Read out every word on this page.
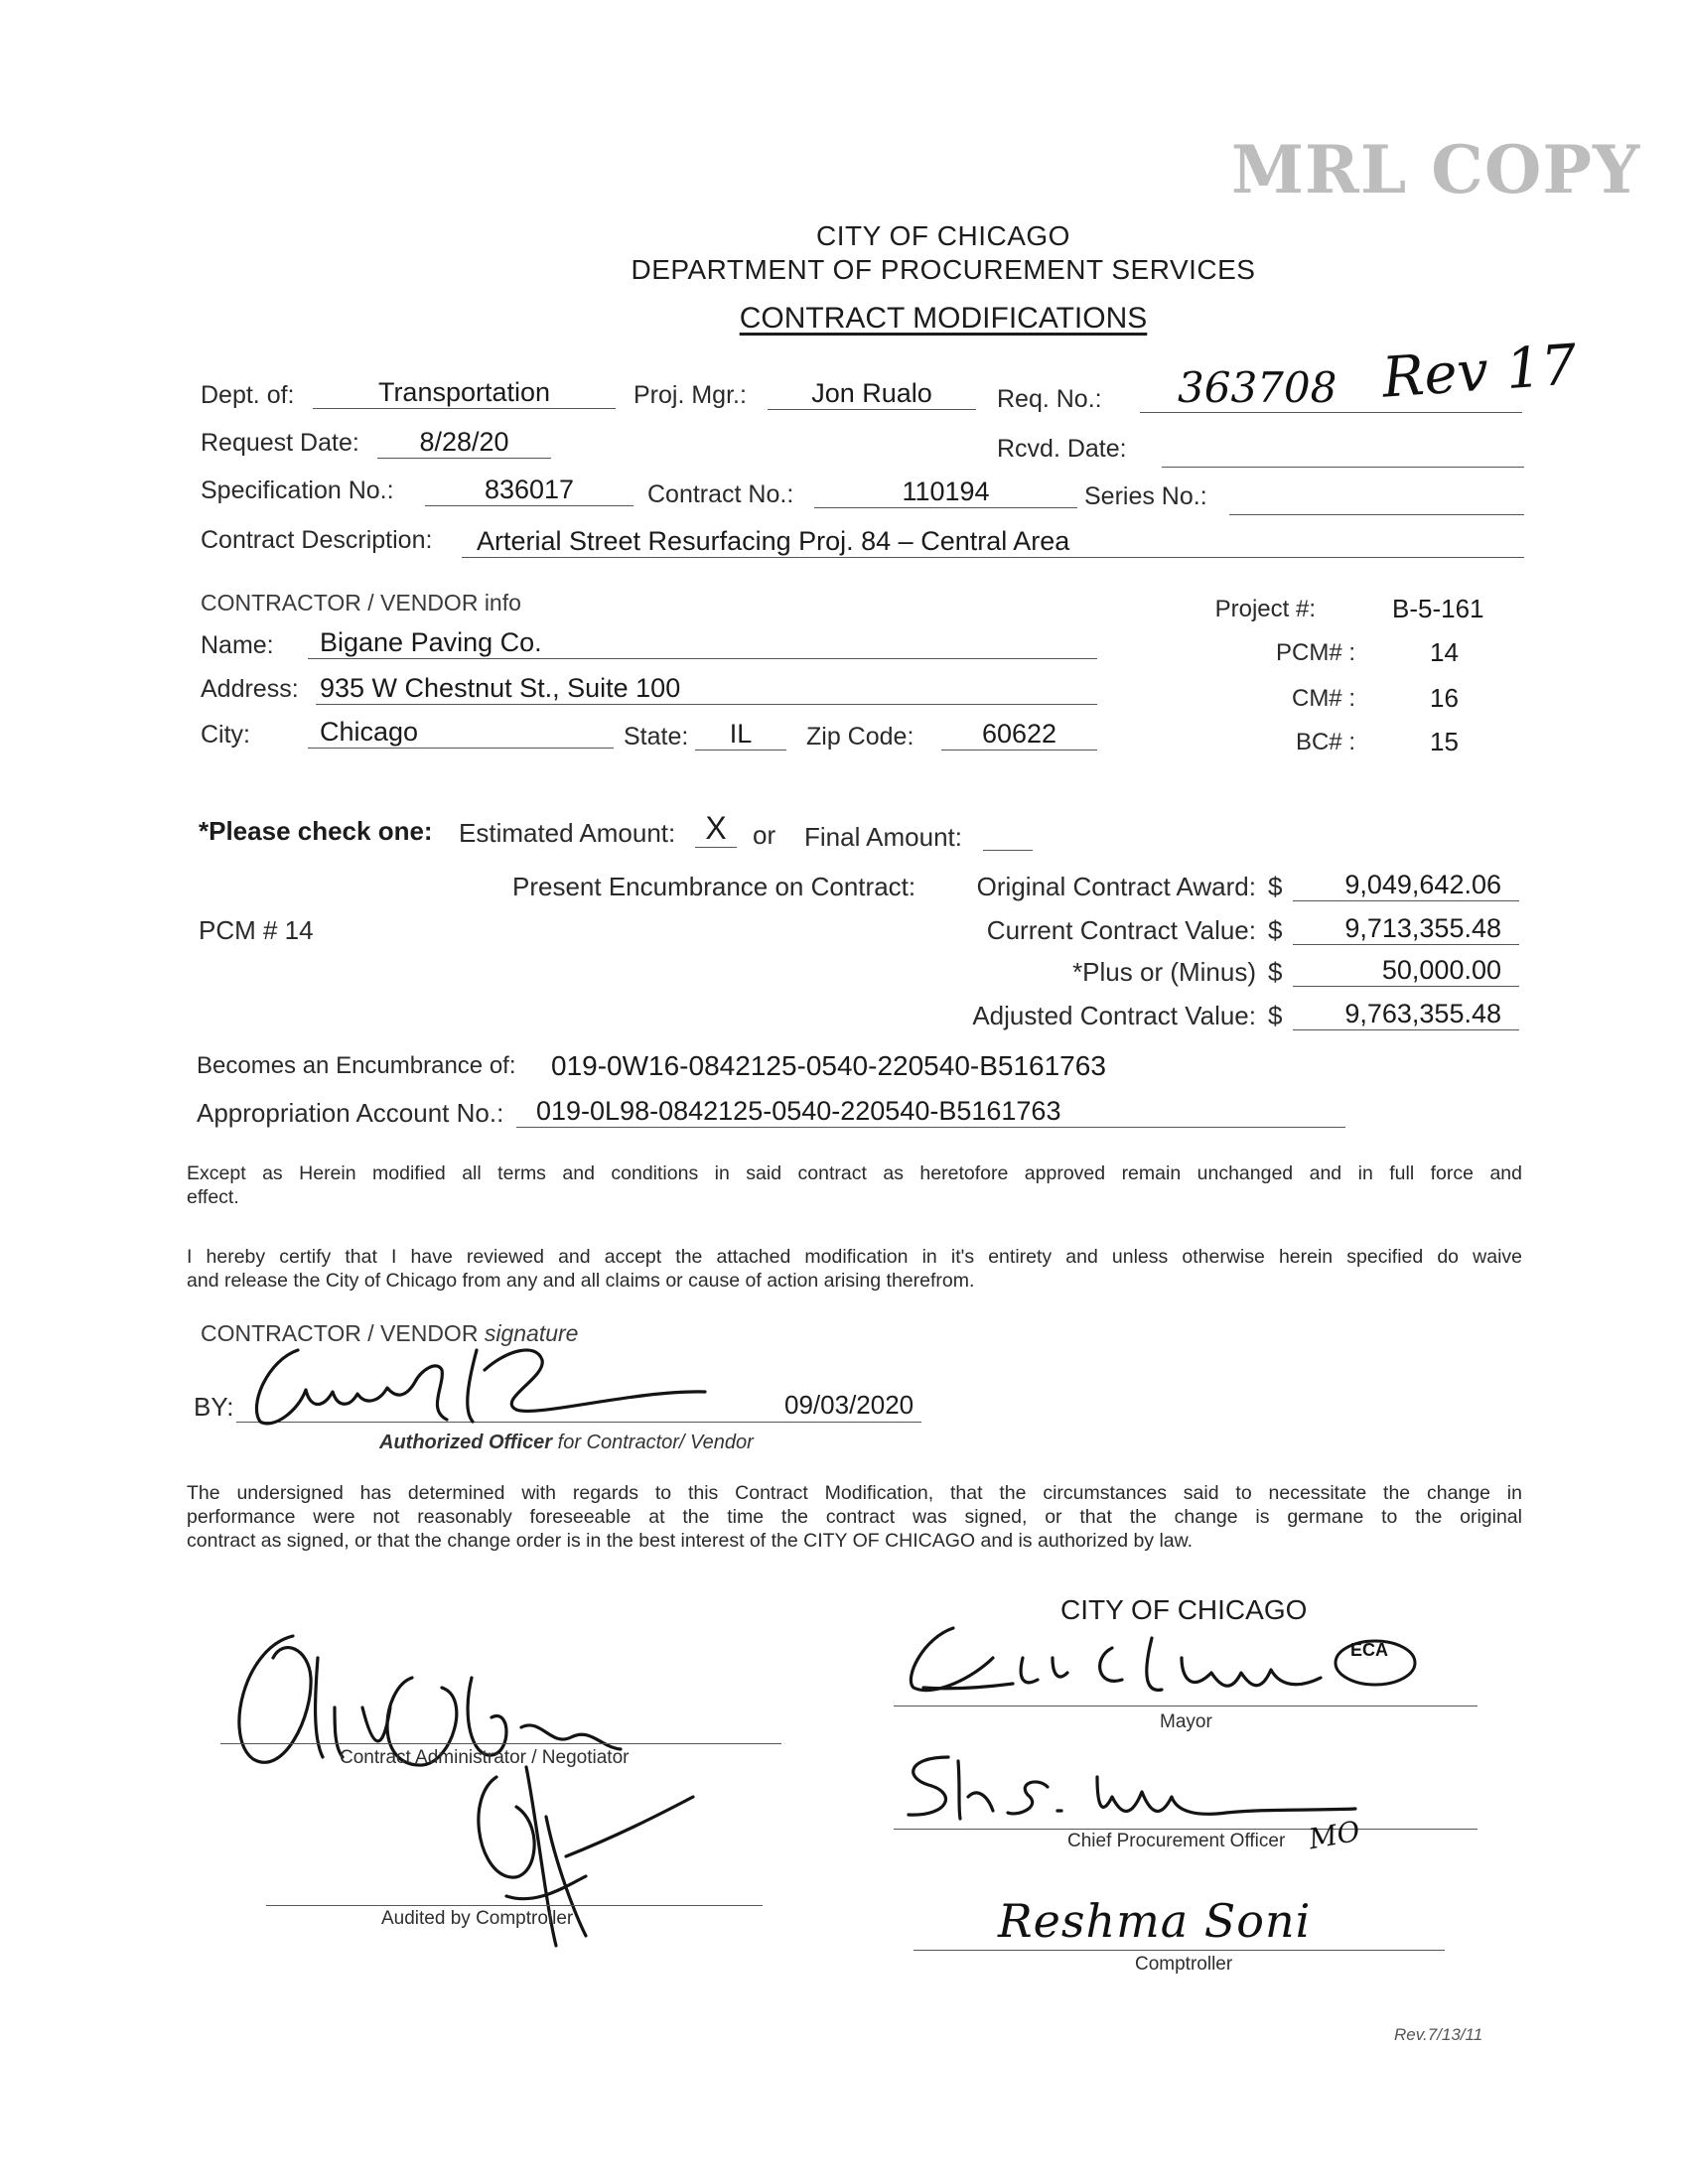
MRL COPY
CITY OF CHICAGO
DEPARTMENT OF PROCUREMENT SERVICES
CONTRACT MODIFICATIONS
Dept. of:	Transportation	Proj. Mgr.:	Jon Rualo	Req. No.:	363708 Rev 17
Request Date:	8/28/20	Rcvd. Date:
Specification No.:	836017	Contract No.:	110194	Series No.:
Contract Description:	Arterial Street Resurfacing Proj. 84 – Central Area
CONTRACTOR / VENDOR info
Name:	Bigane Paving Co.
Address: 935 W Chestnut St., Suite 100
City:	Chicago	State:	IL	Zip Code:	60622
Project #:	B-5-161
PCM# :	14
CM# :	16
BC# :	15
*Please check one: Estimated Amount: X	or Final Amount:
Present Encumbrance on Contract:
PCM # 14
Original Contract Award: $	9,049,642.06
Current Contract Value: $	9,713,355.48
*Plus or (Minus) $	50,000.00
Adjusted Contract Value: $	9,763,355.48
Becomes an Encumbrance of: 019-0W16-0842125-0540-220540-B5161763
Appropriation Account No.:	019-0L98-0842125-0540-220540-B5161763
Except as Herein modified all terms and conditions in said contract as heretofore approved remain unchanged and in full force and
effect.
I hereby certify that I have reviewed and accept the attached modification in it's entirety and unless otherwise herein specified do waive
and release the City of Chicago from any and all claims or cause of action arising therefrom.
CONTRACTOR / VENDOR signature
BY:	09/03/2020
Authorized Officer for Contractor/ Vendor
The undersigned has determined with regards to this Contract Modification, that the circumstances said to necessitate the change in
performance were not reasonably foreseeable at the time the contract was signed, or that the change is germane to the original
contract as signed, or that the change order is in the best interest of the CITY OF CHICAGO and is authorized by law.
Contract Administrator / Negotiator
Audited by Comptroller
CITY OF CHICAGO
ECA
Mayor
Chief Procurement Officer MO
Reshma Soni
Comptroller
Rev.7/13/11
